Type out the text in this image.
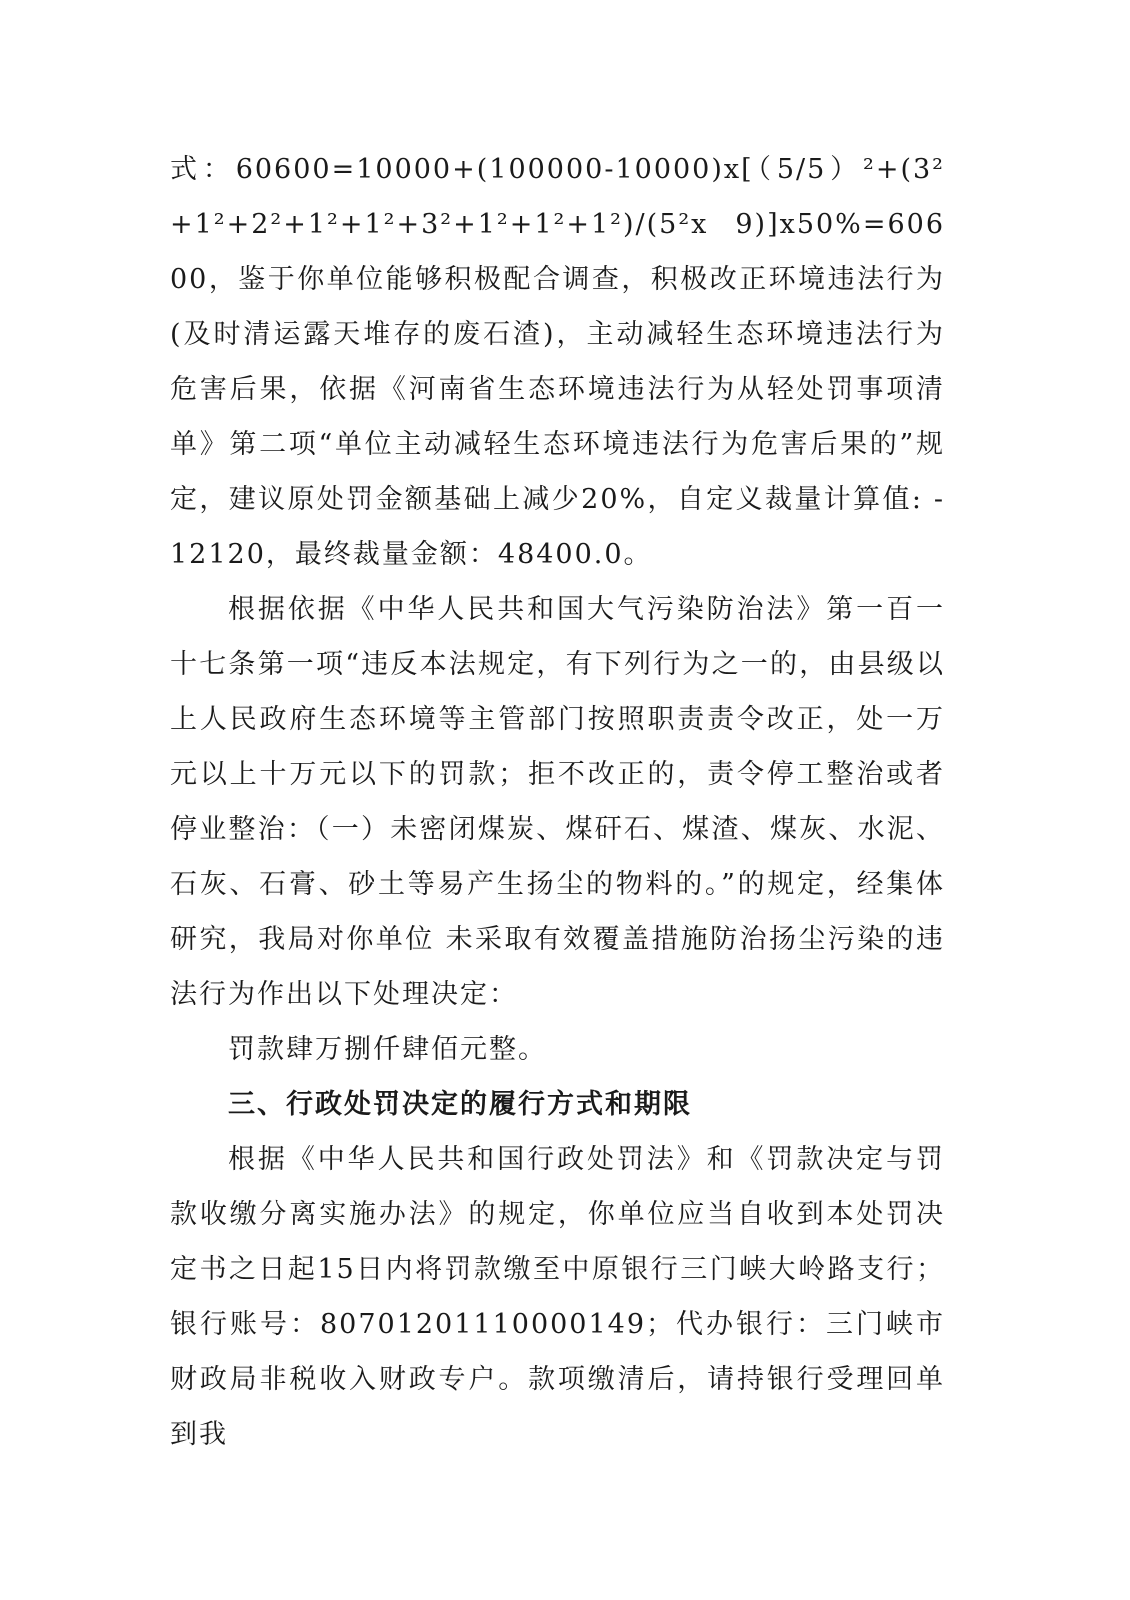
式：60600=10000+(100000-10000)x[（5/5）²+(3²+1²+2²+1²+1²+3²+1²+1²+1²)/(5²x 9)]x50%=60600，鉴于你单位能够积极配合调查，积极改正环境违法行为(及时清运露天堆存的废石渣)，主动减轻生态环境违法行为危害后果，依据《河南省生态环境违法行为从轻处罚事项清单》第二项“单位主动减轻生态环境违法行为危害后果的”规定，建议原处罚金额基础上减少20%，自定义裁量计算值: -12120，最终裁量金额：48400.0。

根据依据《中华人民共和国大气污染防治法》第一百一十七条第一项“违反本法规定，有下列行为之一的，由县级以上人民政府生态环境等主管部门按照职责责令改正，处一万元以上十万元以下的罚款；拒不改正的，责令停工整治或者停业整治：（一）未密闭煤炭、煤矸石、煤渣、煤灰、水泥、石灰、石膏、砂土等易产生扬尘的物料的。”的规定，经集体研究，我局对你单位 未采取有效覆盖措施防治扬尘污染的违法行为作出以下处理决定：

罚款肆万捌仟肆佰元整。

三、行政处罚决定的履行方式和期限

根据《中华人民共和国行政处罚法》和《罚款决定与罚款收缴分离实施办法》的规定，你单位应当自收到本处罚决定书之日起15日内将罚款缴至中原银行三门峡大岭路支行；银行账号：80701201110000149；代办银行：三门峡市财政局非税收入财政专户。款项缴清后，请持银行受理回单到我
